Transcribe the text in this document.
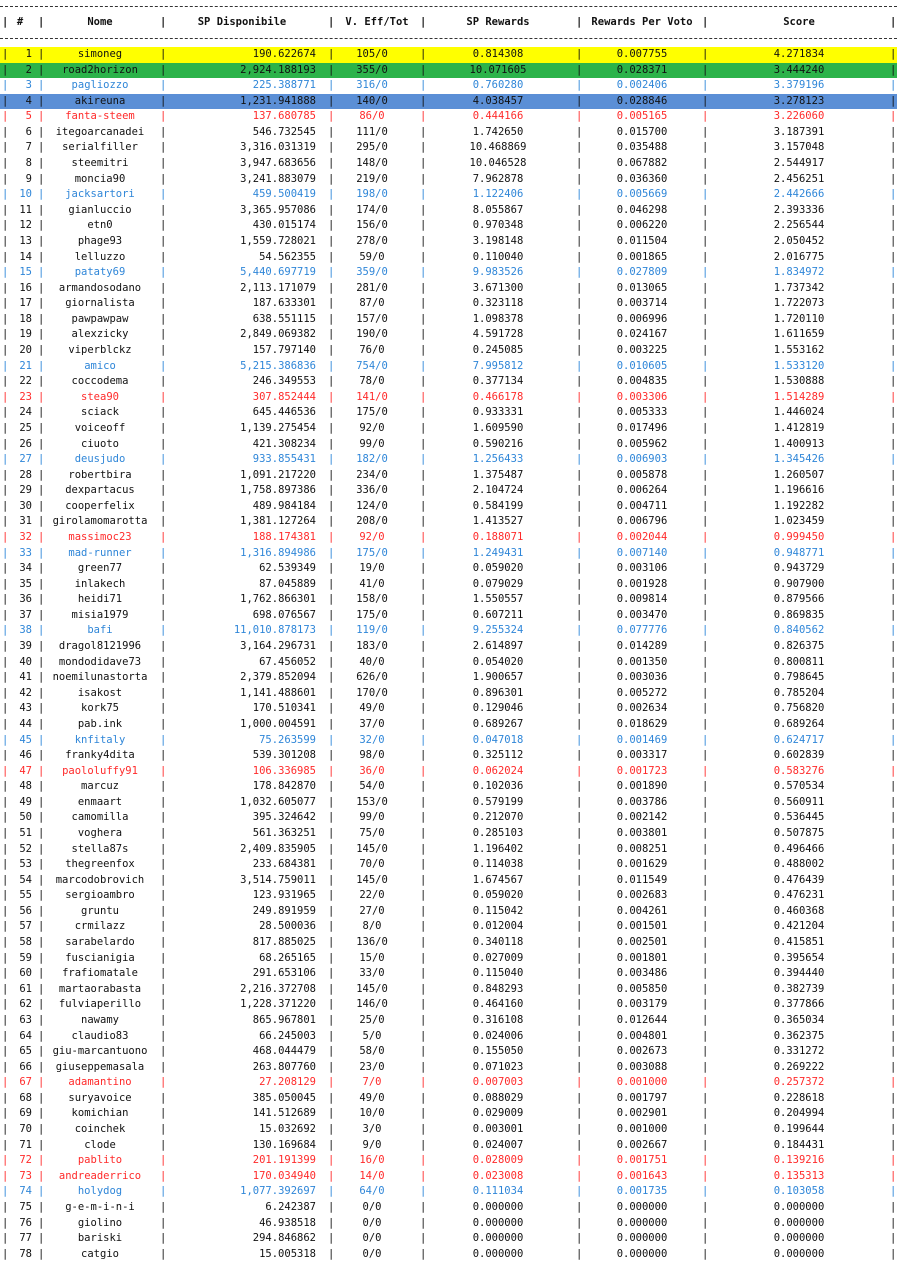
| #	|	Nome	|	SP Disponibile	|	V. Eff/Tot	|	SP Rewards	| Rewards Per Voto |	Score	|
|	|	|	|	|	|	|	|
1	simoneg	190.622674	105/0	0.814308	0.007755	4.271834
|	|	|	|	|	|	|	|
2	road2horizon	2,924.188193	355/0	10.071605	0.028371	3.444240
|	|	|	|	|	|	|	|
3	pagliozzo	225.388771	316/0	0.760280	0.002406	3.379196
|	|	|	|	|	|	|	|
4	akireuna	1,231.941888	140/0	4.038457	0.028846	3.278123
|	|	|	|	|	|	|	|
5	fanta-steem	137.680785	86/0	0.444166	0.005165	3.226060
|	|	|	|	|	|	|	|
6	itegoarcanadei	546.732545	111/0	1.742650	0.015700	3.187391
|	|	|	|	|	|	|	|
7	serialfiller	3,316.031319	295/0	10.468869	0.035488	3.157048
|	|	|	|	|	|	|	|
8	steemitri	3,947.683656	148/0	10.046528	0.067882	2.544917
|	|	|	|	|	|	|	|
9	moncia90	3,241.883079	219/0	7.962878	0.036360	2.456251
|	|	|	|	|	|	|	|
10	jacksartori	459.500419	198/0	1.122406	0.005669	2.442666
|	|	|	|	|	|	|	|
11	gianluccio	3,365.957086	174/0	8.055867	0.046298	2.393336
|	|	|	|	|	|	|	|
12	etn0	430.015174	156/0	0.970348	0.006220	2.256544
|	|	|	|	|	|	|	|
13	phage93	1,559.728021	278/0	3.198148	0.011504	2.050452
|	|	|	|	|	|	|	|
14	lelluzzo	54.562355	59/0	0.110040	0.001865	2.016775
|	|	|	|	|	|	|	|
15	pataty69	5,440.697719	359/0	9.983526	0.027809	1.834972
|	|	|	|	|	|	|	|
16	armandosodano	2,113.171079	281/0	3.671300	0.013065	1.737342
|	|	|	|	|	|	|	|
17	giornalista	187.633301	87/0	0.323118	0.003714	1.722073
|	|	|	|	|	|	|	|
18	pawpawpaw	638.551115	157/0	1.098378	0.006996	1.720110
|	|	|	|	|	|	|	|
19	alexzicky	2,849.069382	190/0	4.591728	0.024167	1.611659
|	|	|	|	|	|	|	|
20	viperblckz	157.797140	76/0	0.245085	0.003225	1.553162
|	|	|	|	|	|	|	|
21	amico	5,215.386836	754/0	7.995812	0.010605	1.533120
|	|	|	|	|	|	|	|
22	coccodema	246.349553	78/0	0.377134	0.004835	1.530888
|	|	|	|	|	|	|	|
23	stea90	307.852444	141/0	0.466178	0.003306	1.514289
|	|	|	|	|	|	|	|
24	sciack	645.446536	175/0	0.933331	0.005333	1.446024
|	|	|	|	|	|	|	|
25	voiceoff	1,139.275454	92/0	1.609590	0.017496	1.412819
|	|	|	|	|	|	|	|
26	ciuoto	421.308234	99/0	0.590216	0.005962	1.400913
|	|	|	|	|	|	|	|
27	deusjudo	933.855431	182/0	1.256433	0.006903	1.345426
|	|	|	|	|	|	|	|
28	robertbira	1,091.217220	234/0	1.375487	0.005878	1.260507
|	|	|	|	|	|	|	|
29	dexpartacus	1,758.897386	336/0	2.104724	0.006264	1.196616
|	|	|	|	|	|	|	|
30	cooperfelix	489.984184	124/0	0.584199	0.004711	1.192282
|	|	|	|	|	|	|	|
31	girolamomarotta	1,381.127264	208/0	1.413527	0.006796	1.023459
|	|	|	|	|	|	|	|
32	massimoc23	188.174381	92/0	0.188071	0.002044	0.999450
|	|	|	|	|	|	|	|
33	mad-runner	1,316.894986	175/0	1.249431	0.007140	0.948771
|	|	|	|	|	|	|	|
34	green77	62.539349	19/0	0.059020	0.003106	0.943729
|	|	|	|	|	|	|	|
35	inlakech	87.045889	41/0	0.079029	0.001928	0.907900
|	|	|	|	|	|	|	|
36	heidi71	1,762.866301	158/0	1.550557	0.009814	0.879566
|	|	|	|	|	|	|	|
37	misia1979	698.076567	175/0	0.607211	0.003470	0.869835
|	|	|	|	|	|	|	|
38	bafi	11,010.878173	119/0	9.255324	0.077776	0.840562
|	|	|	|	|	|	|	|
39	dragol8121996	3,164.296731	183/0	2.614897	0.014289	0.826375
|	|	|	|	|	|	|	|
40	mondodidave73	67.456052	40/0	0.054020	0.001350	0.800811
|	|	|	|	|	|	|	|
41	noemilunastorta	2,379.852094	626/0	1.900657	0.003036	0.798645
|	|	|	|	|	|	|	|
42	isakost	1,141.488601	170/0	0.896301	0.005272	0.785204
|	|	|	|	|	|	|	|
43	kork75	170.510341	49/0	0.129046	0.002634	0.756820
|	|	|	|	|	|	|	|
44	pab.ink	1,000.004591	37/0	0.689267	0.018629	0.689264
|	|	|	|	|	|	|	|
45	knfitaly	75.263599	32/0	0.047018	0.001469	0.624717
|	|	|	|	|	|	|	|
46	franky4dita	539.301208	98/0	0.325112	0.003317	0.602839
|	|	|	|	|	|	|	|
47	paololuffy91	106.336985	36/0	0.062024	0.001723	0.583276
|	|	|	|	|	|	|	|
48	marcuz	178.842870	54/0	0.102036	0.001890	0.570534
|	|	|	|	|	|	|	|
49	enmaart	1,032.605077	153/0	0.579199	0.003786	0.560911
|	|	|	|	|	|	|	|
50	camomilla	395.324642	99/0	0.212070	0.002142	0.536445
|	|	|	|	|	|	|	|
51	voghera	561.363251	75/0	0.285103	0.003801	0.507875
|	|	|	|	|	|	|	|
52	stella87s	2,409.835905	145/0	1.196402	0.008251	0.496466
|	|	|	|	|	|	|	|
53	thegreenfox	233.684381	70/0	0.114038	0.001629	0.488002
|	|	|	|	|	|	|	|
54	marcodobrovich	3,514.759011	145/0	1.674567	0.011549	0.476439
|	|	|	|	|	|	|	|
55	sergioambro	123.931965	22/0	0.059020	0.002683	0.476231
|	|	|	|	|	|	|	|
56	gruntu	249.891959	27/0	0.115042	0.004261	0.460368
|	|	|	|	|	|	|	|
57	crmilazz	28.500036	8/0	0.012004	0.001501	0.421204
|	|	|	|	|	|	|	|
58	sarabelardo	817.885025	136/0	0.340118	0.002501	0.415851
|	|	|	|	|	|	|	|
59	fuscianigia	68.265165	15/0	0.027009	0.001801	0.395654
|	|	|	|	|	|	|	|
60	frafiomatale	291.653106	33/0	0.115040	0.003486	0.394440
|	|	|	|	|	|	|	|
61	martaorabasta	2,216.372708	145/0	0.848293	0.005850	0.382739
|	|	|	|	|	|	|	|
62	fulviaperillo	1,228.371220	146/0	0.464160	0.003179	0.377866
|	|	|	|	|	|	|	|
63	nawamy	865.967801	25/0	0.316108	0.012644	0.365034
|	|	|	|	|	|	|	|
64	claudio83	66.245003	5/0	0.024006	0.004801	0.362375
|	|	|	|	|	|	|	|
65	giu-marcantuono	468.044479	58/0	0.155050	0.002673	0.331272
|	|	|	|	|	|	|	|
66	giuseppemasala	263.807760	23/0	0.071023	0.003088	0.269222
|	|	|	|	|	|	|	|
67	adamantino	27.208129	7/0	0.007003	0.001000	0.257372
|	|	|	|	|	|	|	|
68	suryavoice	385.050045	49/0	0.088029	0.001797	0.228618
|	|	|	|	|	|	|	|
69	komichian	141.512689	10/0	0.029009	0.002901	0.204994
|	|	|	|	|	|	|	|
70	coinchek	15.032692	3/0	0.003001	0.001000	0.199644
|	|	|	|	|	|	|	|
71	clode	130.169684	9/0	0.024007	0.002667	0.184431
|	|	|	|	|	|	|	|
72	pablito	201.191399	16/0	0.028009	0.001751	0.139216
|	|	|	|	|	|	|	|
73	andreaderrico	170.034940	14/0	0.023008	0.001643	0.135313
|	|	|	|	|	|	|	|
74	holydog	1,077.392697	64/0	0.111034	0.001735	0.103058
|	|	|	|	|	|	|	|
75	g-e-m-i-n-i	6.242387	0/0	0.000000	0.000000	0.000000
|	|	|	|	|	|	|	|
76	giolino	46.938518	0/0	0.000000	0.000000	0.000000
|	|	|	|	|	|	|	|
77	bariski	294.846862	0/0	0.000000	0.000000	0.000000
|	|	|	|	|	|	|	|
78	catgio	15.005318	0/0	0.000000	0.000000	0.000000
